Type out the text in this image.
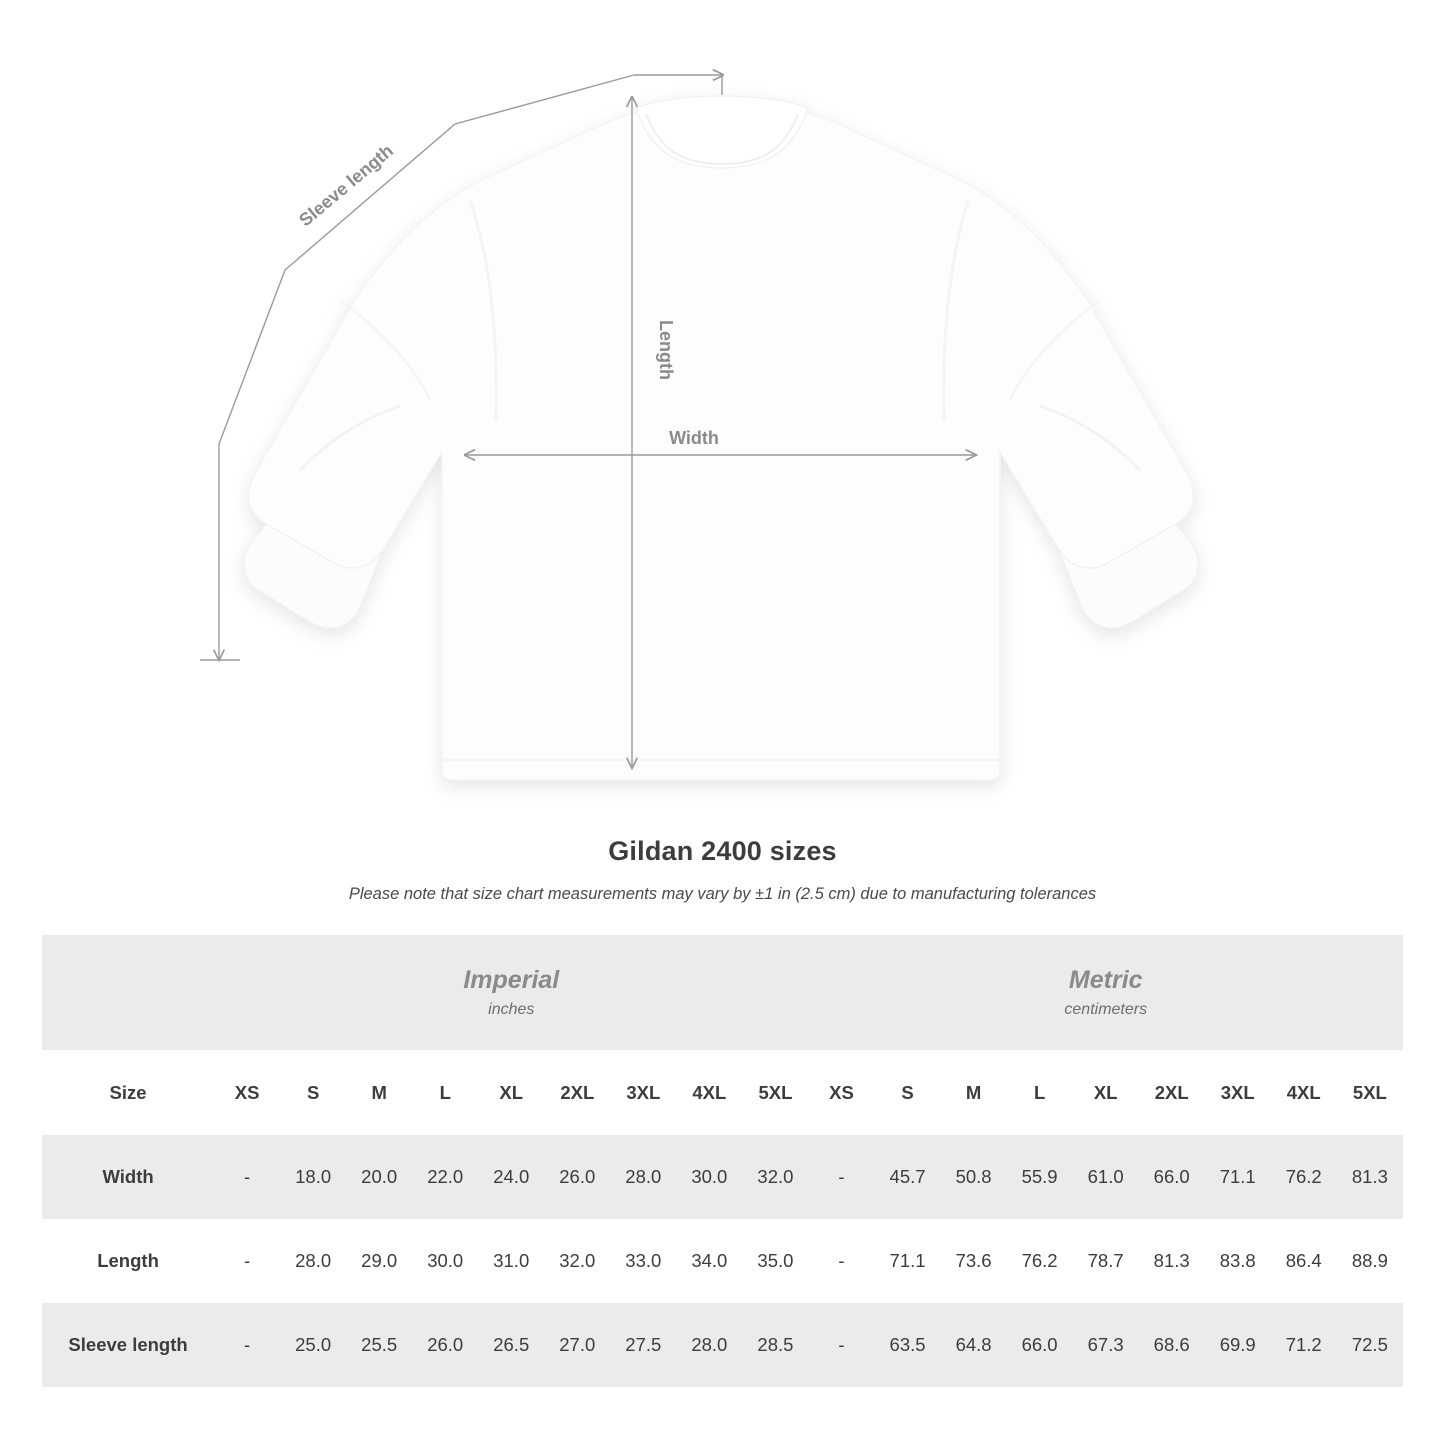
Sleeve length
Length
Width
Gildan 2400 sizes
Please note that size chart measurements may vary by ±1 in (2.5 cm) due to manufacturing tolerances

Imperial
inches

Metric
centimeters

Size	XS	S	M	L	XL	2XL	3XL	4XL	5XL	XS	S	M	L	XL	2XL	3XL	4XL	5XL
Width	-	18.0	20.0	22.0	24.0	26.0	28.0	30.0	32.0	-	45.7	50.8	55.9	61.0	66.0	71.1	76.2	81.3
Length	-	28.0	29.0	30.0	31.0	32.0	33.0	34.0	35.0	-	71.1	73.6	76.2	78.7	81.3	83.8	86.4	88.9
Sleeve length	-	25.0	25.5	26.0	26.5	27.0	27.5	28.0	28.5	-	63.5	64.8	66.0	67.3	68.6	69.9	71.2	72.5
